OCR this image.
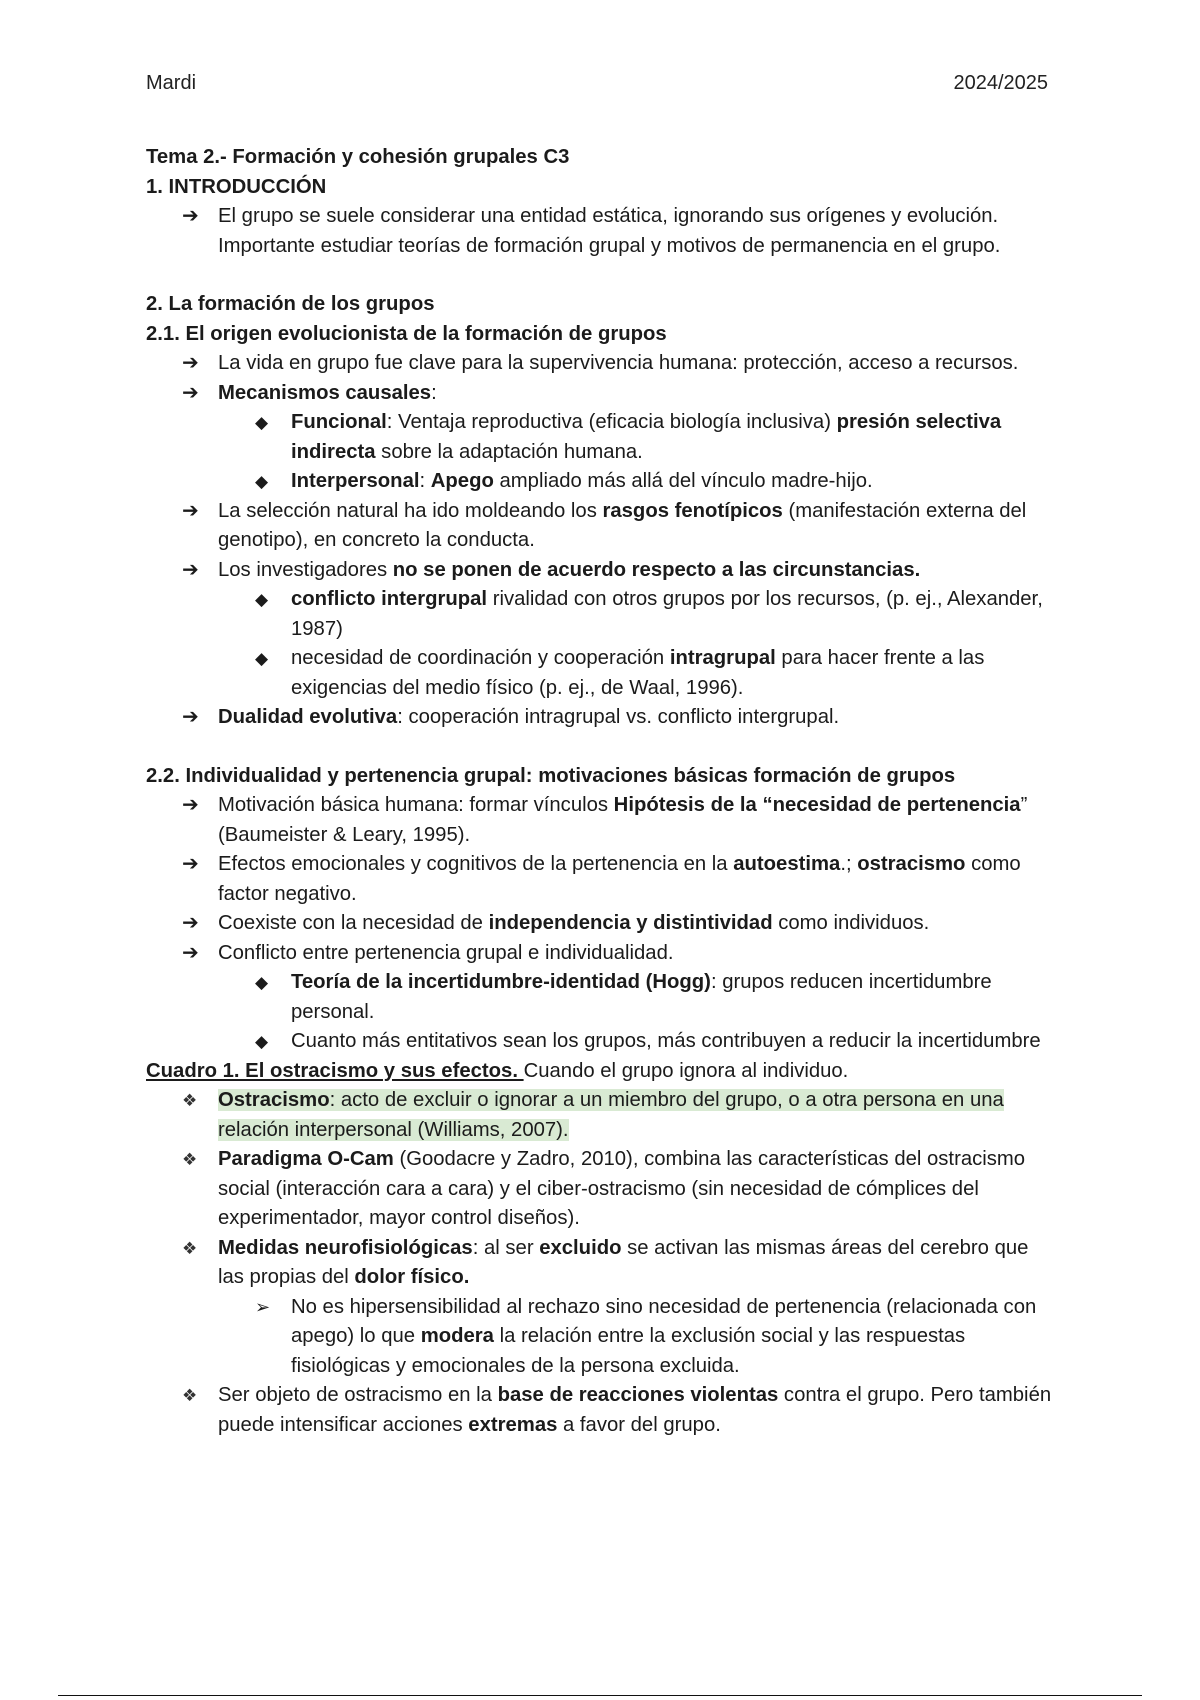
Mardi	2024/2025

Tema 2.- Formación y cohesión grupales C3

1. INTRODUCCIÓN

➔ El grupo se suele considerar una entidad estática, ignorando sus orígenes y evolución. Importante estudiar teorías de formación grupal y motivos de permanencia en el grupo.

2. La formación de los grupos

2.1. El origen evolucionista de la formación de grupos

➔ La vida en grupo fue clave para la supervivencia humana: protección, acceso a recursos.
➔ Mecanismos causales:
◆ Funcional: Ventaja reproductiva (eficacia biología inclusiva) presión selectiva indirecta sobre la adaptación humana.
◆ Interpersonal: Apego ampliado más allá del vínculo madre-hijo.
➔ La selección natural ha ido moldeando los rasgos fenotípicos (manifestación externa del genotipo), en concreto la conducta.
➔ Los investigadores no se ponen de acuerdo respecto a las circunstancias.
◆ conflicto intergrupal rivalidad con otros grupos por los recursos, (p. ej., Alexander, 1987)
◆ necesidad de coordinación y cooperación intragrupal para hacer frente a las exigencias del medio físico (p. ej., de Waal, 1996).
➔ Dualidad evolutiva: cooperación intragrupal vs. conflicto intergrupal.

2.2. Individualidad y pertenencia grupal: motivaciones básicas formación de grupos

➔ Motivación básica humana: formar vínculos Hipótesis de la “necesidad de pertenencia” (Baumeister & Leary, 1995).
➔ Efectos emocionales y cognitivos de la pertenencia en la autoestima.; ostracismo como factor negativo.
➔ Coexiste con la necesidad de independencia y distintividad como individuos.
➔ Conflicto entre pertenencia grupal e individualidad.
◆ Teoría de la incertidumbre-identidad (Hogg): grupos reducen incertidumbre personal.
◆ Cuanto más entitativos sean los grupos, más contribuyen a reducir la incertidumbre

Cuadro 1. El ostracismo y sus efectos. Cuando el grupo ignora al individuo.

❖ Ostracismo: acto de excluir o ignorar a un miembro del grupo, o a otra persona en una relación interpersonal (Williams, 2007).
❖ Paradigma O-Cam (Goodacre y Zadro, 2010), combina las características del ostracismo social (interacción cara a cara) y el ciber-ostracismo (sin necesidad de cómplices del experimentador, mayor control diseños).
❖ Medidas neurofisiológicas: al ser excluido se activan las mismas áreas del cerebro que las propias del dolor físico.
➢ No es hipersensibilidad al rechazo sino necesidad de pertenencia (relacionada con apego) lo que modera la relación entre la exclusión social y las respuestas fisiológicas y emocionales de la persona excluida.
❖ Ser objeto de ostracismo en la base de reacciones violentas contra el grupo. Pero también puede intensificar acciones extremas a favor del grupo.
